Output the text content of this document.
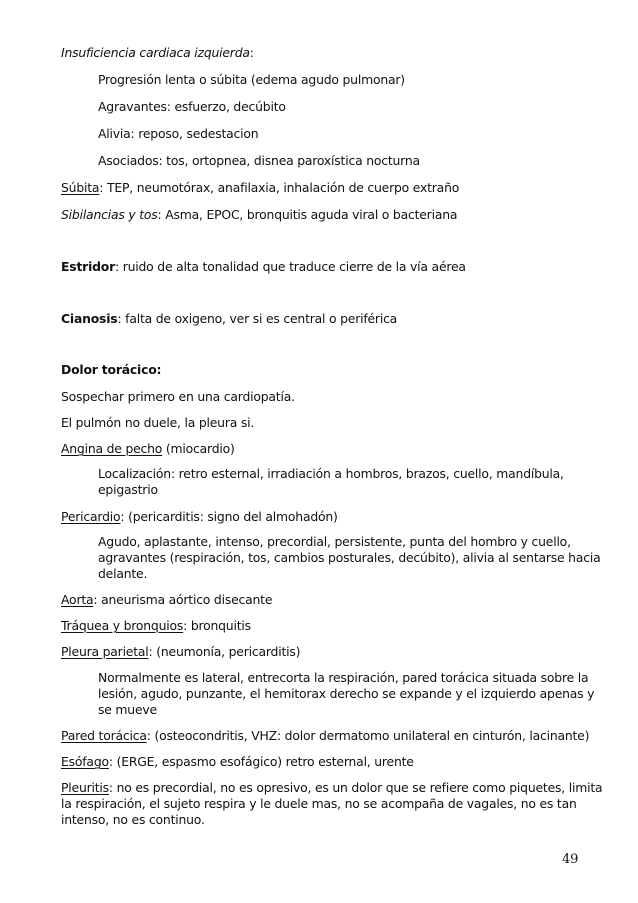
Insuficiencia cardiaca izquierda:
Progresión lenta o súbita (edema agudo pulmonar)
Agravantes: esfuerzo, decúbito
Alivia: reposo, sedestacion
Asociados: tos, ortopnea, disnea paroxística nocturna
Súbita: TEP, neumotórax, anafilaxia, inhalación de cuerpo extraño
Sibilancias y tos: Asma, EPOC, bronquitis aguda viral o bacteriana
Estridor: ruido de alta tonalidad que traduce cierre de la vía aérea
Cianosis: falta de oxigeno, ver si es central o periférica
Dolor torácico:
Sospechar primero en una cardiopatía.
El pulmón no duele, la pleura si.
Angina de pecho (miocardio)
Localización: retro esternal, irradiación a hombros, brazos, cuello, mandíbula,
epigastrio
Pericardio: (pericarditis: signo del almohadón)
Agudo, aplastante, intenso, precordial, persistente, punta del hombro y cuello,
agravantes (respiración, tos, cambios posturales, decúbito), alivia al sentarse hacia
delante.
Aorta: aneurisma aórtico disecante
Tráquea y bronquios: bronquitis
Pleura parietal: (neumonía, pericarditis)
Normalmente es lateral, entrecorta la respiración, pared torácica situada sobre la
lesión, agudo, punzante, el hemitorax derecho se expande y el izquierdo apenas y
se mueve
Pared torácica: (osteocondritis, VHZ: dolor dermatomo unilateral en cinturón, lacinante)
Esófago: (ERGE, espasmo esofágico) retro esternal, urente
Pleuritis: no es precordial, no es opresivo, es un dolor que se refiere como piquetes, limita
la respiración, el sujeto respira y le duele mas, no se acompaña de vagales, no es tan
intenso, no es continuo.
49
